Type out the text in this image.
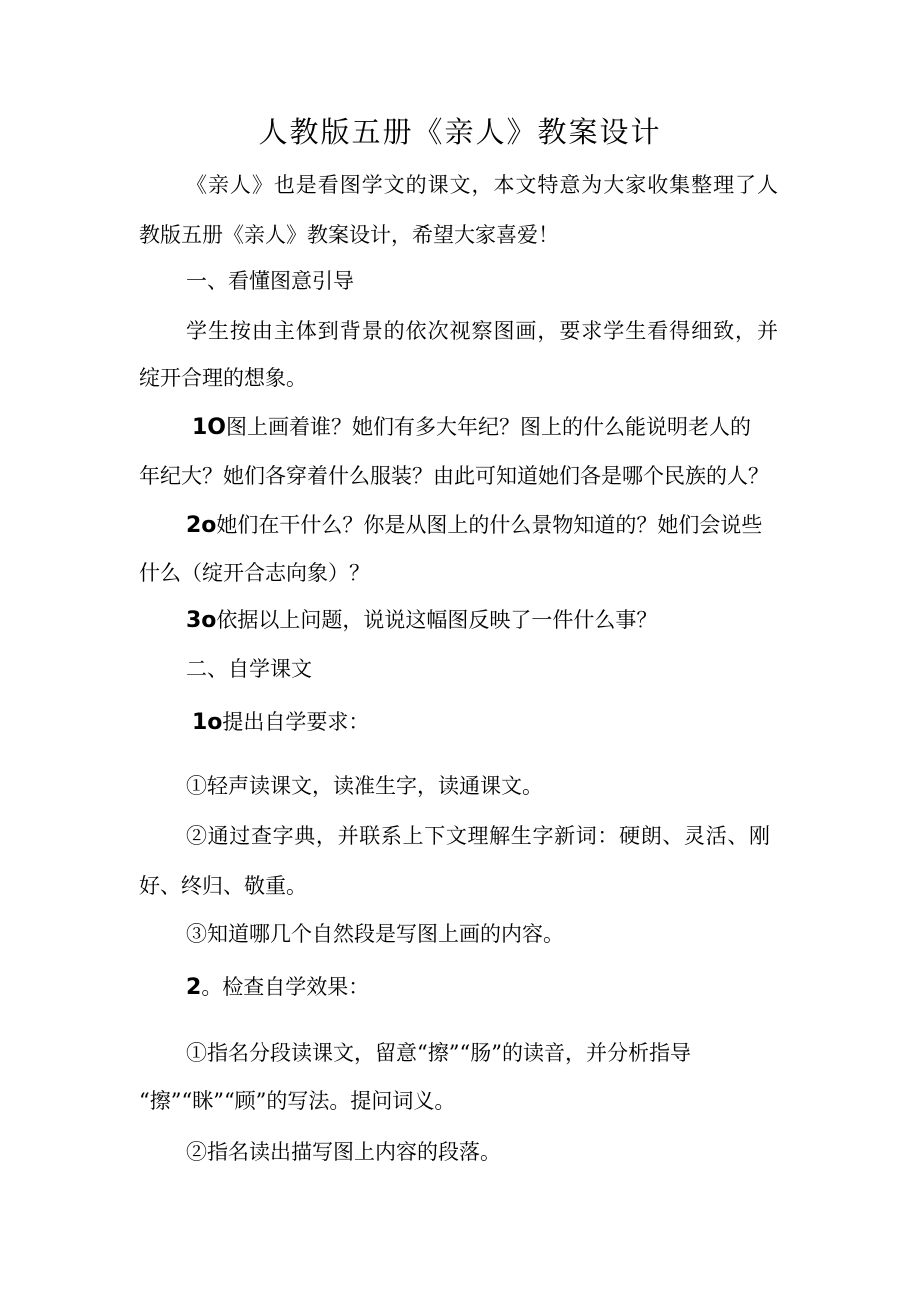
人教版五册《亲人》教案设计
《亲人》也是看图学文的课文，本文特意为大家收集整理了人
教版五册《亲人》教案设计，希望大家喜爱！
一、看懂图意引导
学生按由主体到背景的依次视察图画，要求学生看得细致，并
绽开合理的想象。
1O图上画着谁？她们有多大年纪？图上的什么能说明老人的
年纪大？她们各穿着什么服装？由此可知道她们各是哪个民族的人？
2o她们在干什么？你是从图上的什么景物知道的？她们会说些
什么（绽开合志向象）？
3o依据以上问题，说说这幅图反映了一件什么事？
二、自学课文
1o提出自学要求：
①轻声读课文，读准生字，读通课文。
②通过查字典，并联系上下文理解生字新词：硬朗、灵活、刚
好、终归、敬重。
③知道哪几个自然段是写图上画的内容。
2。检查自学效果：
①指名分段读课文，留意“擦”“肠”的读音，并分析指导
“擦”“眯”“顾”的写法。提问词义。
②指名读出描写图上内容的段落。
